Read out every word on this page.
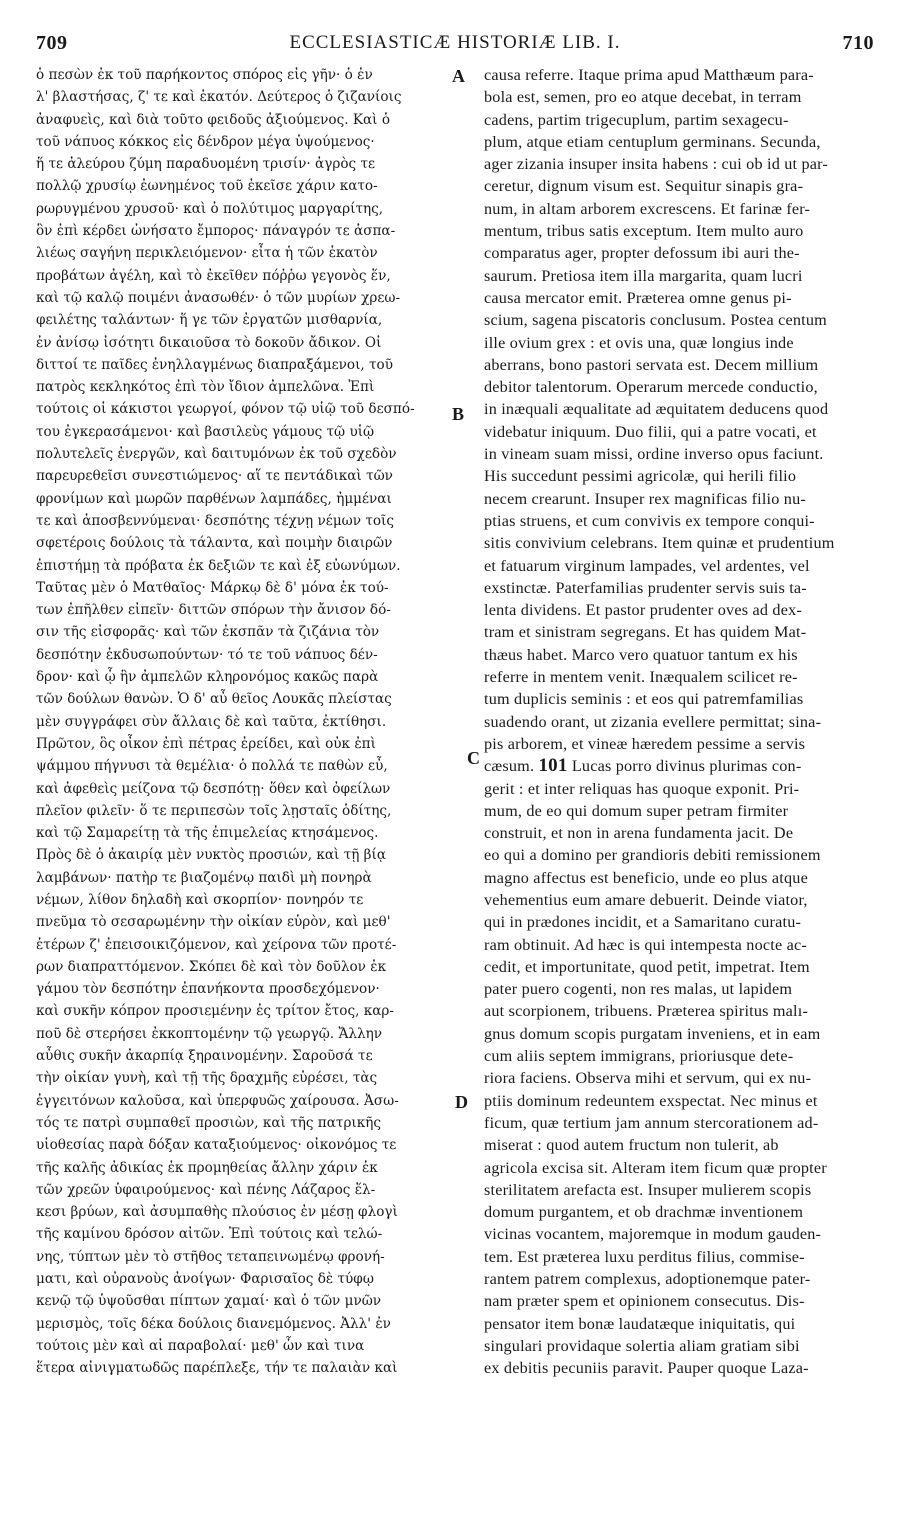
709	ECCLESIASTICÆ HISTORIÆ LIB. I.	710
ὁ πεσὼν ἐκ τοῦ παρήκοντος σπόρος εἰς γῆν· ὁ ἐν
λ' βλαστήσας, ζ' τε καὶ ἑκατόν. Δεύτερος ὁ ζιζανίοις
ἀναφυεὶς, καὶ διὰ τοῦτο φειδοῦς ἀξιούμενος. Καὶ ὁ
τοῦ νάπυος κόκκος εἰς δένδρον μέγα ὑψούμενος·
ἥ τε ἀλεύρου ζύμη παραδυομένη τρισίν· ἀγρὸς τε
πολλῷ χρυσίῳ ἐωνημένος τοῦ ἐκεῖσε χάριν κατο-
ρωρυγμένου χρυσοῦ· καὶ ὁ πολύτιμος μαργαρίτης,
ὃν ἐπὶ κέρδει ὠνήσατο ἔμπορος· πάναγρόν τε ἁσπα-
λιέως σαγήνη περικλειόμενον· εἶτα ἡ τῶν ἑκατὸν
προβάτων ἀγέλη, καὶ τὸ ἐκεῖθεν πόῤῥω γεγονὸς ἕν,
καὶ τῷ καλῷ ποιμένι ἀνασωθέν· ὁ τῶν μυρίων χρεω-
φειλέτης ταλάντων· ἥ γε τῶν ἐργατῶν μισθαρνία,
ἐν ἀνίσῳ ἰσότητι δικαιοῦσα τὸ δοκοῦν ἄδικον. Οἱ
διττοί τε παῖδες ἐνηλλαγμένως διαπραξάμενοι, τοῦ
πατρὸς κεκληκότος ἐπὶ τὸν ἴδιον ἀμπελῶνα. Ἐπὶ
τούτοις οἱ κάκιστοι γεωργοί, φόνον τῷ υἱῷ τοῦ δεσπό-
του ἐγκερασάμενοι· καὶ βασιλεὺς γάμους τῷ υἱῷ
πολυτελεῖς ἐνεργῶν, καὶ δαιτυμόνων ἐκ τοῦ σχεδὸν
παρευρεθεῖσι συνεστιώμενος· αἵ τε πεντάδικαὶ τῶν
φρονίμων καὶ μωρῶν παρθένων λαμπάδες, ἠμμέναι
τε καὶ ἀποσβεννύμεναι· δεσπότης τέχνῃ νέμων τοῖς
σφετέροις δούλοις τὰ τάλαντα, καὶ ποιμὴν διαιρῶν
ἐπιστήμῃ τὰ πρόβατα ἐκ δεξιῶν τε καὶ ἐξ εὐωνύμων.
Ταῦτας μὲν ὁ Ματθαῖος· Μάρκῳ δὲ δ' μόνα ἐκ τού-
των ἐπῆλθεν εἰπεῖν· διττῶν σπόρων τὴν ἄνισον δό-
σιν τῆς εἰσφορᾶς· καὶ τῶν ἐκσπᾶν τὰ ζιζάνια τὸν
δεσπότην ἐκδυσωπούντων· τό τε τοῦ νάπυος δέν-
δρον· καὶ ᾧ ἣν ἀμπελῶν κληρονόμος κακῶς παρὰ
τῶν δούλων θανὼν. Ὁ δ' αὖ θεῖος Λουκᾶς πλείστας
μὲν συγγράφει σὺν ἄλλαις δὲ καὶ ταῦτα, ἐκτίθησι.
Πρῶτον, ὃς οἶκον ἐπὶ πέτρας ἐρείδει, καὶ οὐκ ἐπὶ
ψάμμου πήγνυσι τὰ θεμέλια· ὁ πολλά τε παθὼν εὖ,
καὶ ἀφεθεὶς μείζονα τῷ δεσπότῃ· ὅθεν καὶ ὀφείλων
πλεῖον φιλεῖν· ὅ τε περιπεσὼν τοῖς λῃσταῖς ὁδίτης,
καὶ τῷ Σαμαρείτῃ τὰ τῆς ἐπιμελείας κτησάμενος.
Πρὸς δὲ ὁ ἀκαιρίᾳ μὲν νυκτὸς προσιών, καὶ τῇ βίᾳ
λαμβάνων· πατὴρ τε βιαζομένῳ παιδὶ μὴ πονηρὰ
νέμων, λίθον δηλαδὴ καὶ σκορπίον· πονηρόν τε
πνεῦμα τὸ σεσαρωμένην τὴν οἰκίαν εὑρὸν, καὶ μεθ'
ἑτέρων ζ' ἐπεισοικιζόμενον, καὶ χείρονα τῶν προτέ-
ρων διαπραττόμενον. Σκόπει δὲ καὶ τὸν δοῦλον ἐκ
γάμου τὸν δεσπότην ἐπανήκοντα προσδεχόμενον·
καὶ συκῆν κόπρον προσιεμένην ἐς τρίτον ἔτος, καρ-
ποῦ δὲ στερήσει ἐκκοπτομένην τῷ γεωργῷ. Ἄλλην
αὖθις συκῆν ἀκαρπίᾳ ξηραινομένην. Σαροῦσά τε
τὴν οἰκίαν γυνὴ, καὶ τῇ τῆς δραχμῆς εὑρέσει, τὰς
ἐγγειτόνων καλοῦσα, καὶ ὑπερφυῶς χαίρουσα. Ἀσω-
τός τε πατρὶ συμπαθεῖ προσιὼν, καὶ τῆς πατρικῆς
υἱοθεσίας παρὰ δόξαν καταξιούμενος· οἰκονόμος τε
τῆς καλῆς ἀδικίας ἐκ προμηθείας ἄλλην χάριν ἐκ
τῶν χρεῶν ὑφαιρούμενος· καὶ πένης Λάζαρος ἕλ-
κεσι βρύων, καὶ ἀσυμπαθὴς πλούσιος ἐν μέσῃ φλογὶ
τῆς καμίνου δρόσον αἰτῶν. Ἐπὶ τούτοις καὶ τελώ-
νης, τύπτων μὲν τὸ στῆθος τεταπεινωμένῳ φρονή-
ματι, καὶ οὐρανοὺς ἀνοίγων· Φαρισαῖος δὲ τύφῳ
κενῷ τῷ ὑψοῦσθαι πίπτων χαμαί· καὶ ὁ τῶν μνῶν
μερισμὸς, τοῖς δέκα δούλοις διανεμόμενος. Ἀλλ' ἐν
τούτοις μὲν καὶ αἱ παραβολαί· μεθ' ὧν καὶ τινα
ἕτερα αἰνιγματωδῶς παρέπλεξε, τήν τε παλαιὰν καὶ
causa referre. Itaque prima apud Matthæum para-
bola est, semen, pro eo atque decebat, in terram
cadens, partim trigecuplum, partim sexagecu-
plum, atque etiam centuplum germinans. Secunda,
ager zizania insuper insita habens : cui ob id ut par-
ceretur, dignum visum est. Sequitur sinapis gra-
num, in altam arborem excrescens. Et farinæ fer-
mentum, tribus satis exceptum. Item multo auro
comparatus ager, propter defossum ibi auri the-
saurum. Pretiosa item illa margarita, quam lucri
causa mercator emit. Præterea omne genus pi-
scium, sagena piscatoris conclusum. Postea centum
ille ovium grex : et ovis una, quæ longius inde
aberrans, bono pastori servata est. Decem millium
debitor talentorum. Operarum mercede conductio,
in inæquali æqualitate ad æquitatem deducens quod
videbatur iniquum. Duo filii, qui a patre vocati, et
in vineam suam missi, ordine inverso opus faciunt.
His succedunt pessimi agricolæ, qui herili filio
necem crearunt. Insuper rex magnificas filio nu-
ptias struens, et cum convivis ex tempore conqui-
sitis convivium celebrans. Item quinæ et prudentium
et fatuarum virginum lampades, vel ardentes, vel
exstinctæ. Paterfamilias prudenter servis suis ta-
lenta dividens. Et pastor prudenter oves ad dex-
tram et sinistram segregans. Et has quidem Mat-
thæus habet. Marco vero quatuor tantum ex his
referre in mentem venit. Inæqualem scilicet re-
tum duplicis seminis : et eos qui patremfamilias
suadendo orant, ut zizania evellere permittat; sina-
pis arborem, et vineæ hæredem pessime a servis
cæsum. 101 Lucas porro divinus plurimas con-
gerit : et inter reliquas has quoque exponit. Pri-
mum, de eo qui domum super petram firmiter
construit, et non in arena fundamenta jacit. De
eo qui a domino per grandioris debiti remissionem
magno affectus est beneficio, unde eo plus atque
vehementius eum amare debuerit. Deinde viator,
qui in prædones incidit, et a Samaritano curatu-
ram obtinuit. Ad hæc is qui intempesta nocte ac-
cedit, et importunitate, quod petit, impetrat. Item
pater puero cogenti, non res malas, ut lapidem
aut scorpionem, tribuens. Præterea spiritus malı-
gnus domum scopis purgatam inveniens, et in eam
cum aliis septem immigrans, prioriusque dete-
riora faciens. Observa mihi et servum, qui ex nu-
ptiis dominum redeuntem exspectat. Nec minus et
ficum, quæ tertium jam annum stercorationem ad-
miserat : quod autem fructum non tulerit, ab
agricola excisa sit. Alteram item ficum quæ propter
sterilitatem arefacta est. Insuper mulierem scopis
domum purgantem, et ob drachmæ inventionem
vicinas vocantem, majoremque in modum gauden-
tem. Est præterea luxu perditus filius, commise-
rantem patrem complexus, adoptionemque pater-
nam præter spem et opinionem consecutus. Dis-
pensator item bonæ laudatæque iniquitatis, qui
singulari providaque solertia aliam gratiam sibi
ex debitis pecuniis paravit. Pauper quoque Laza-
A
B
C
D
